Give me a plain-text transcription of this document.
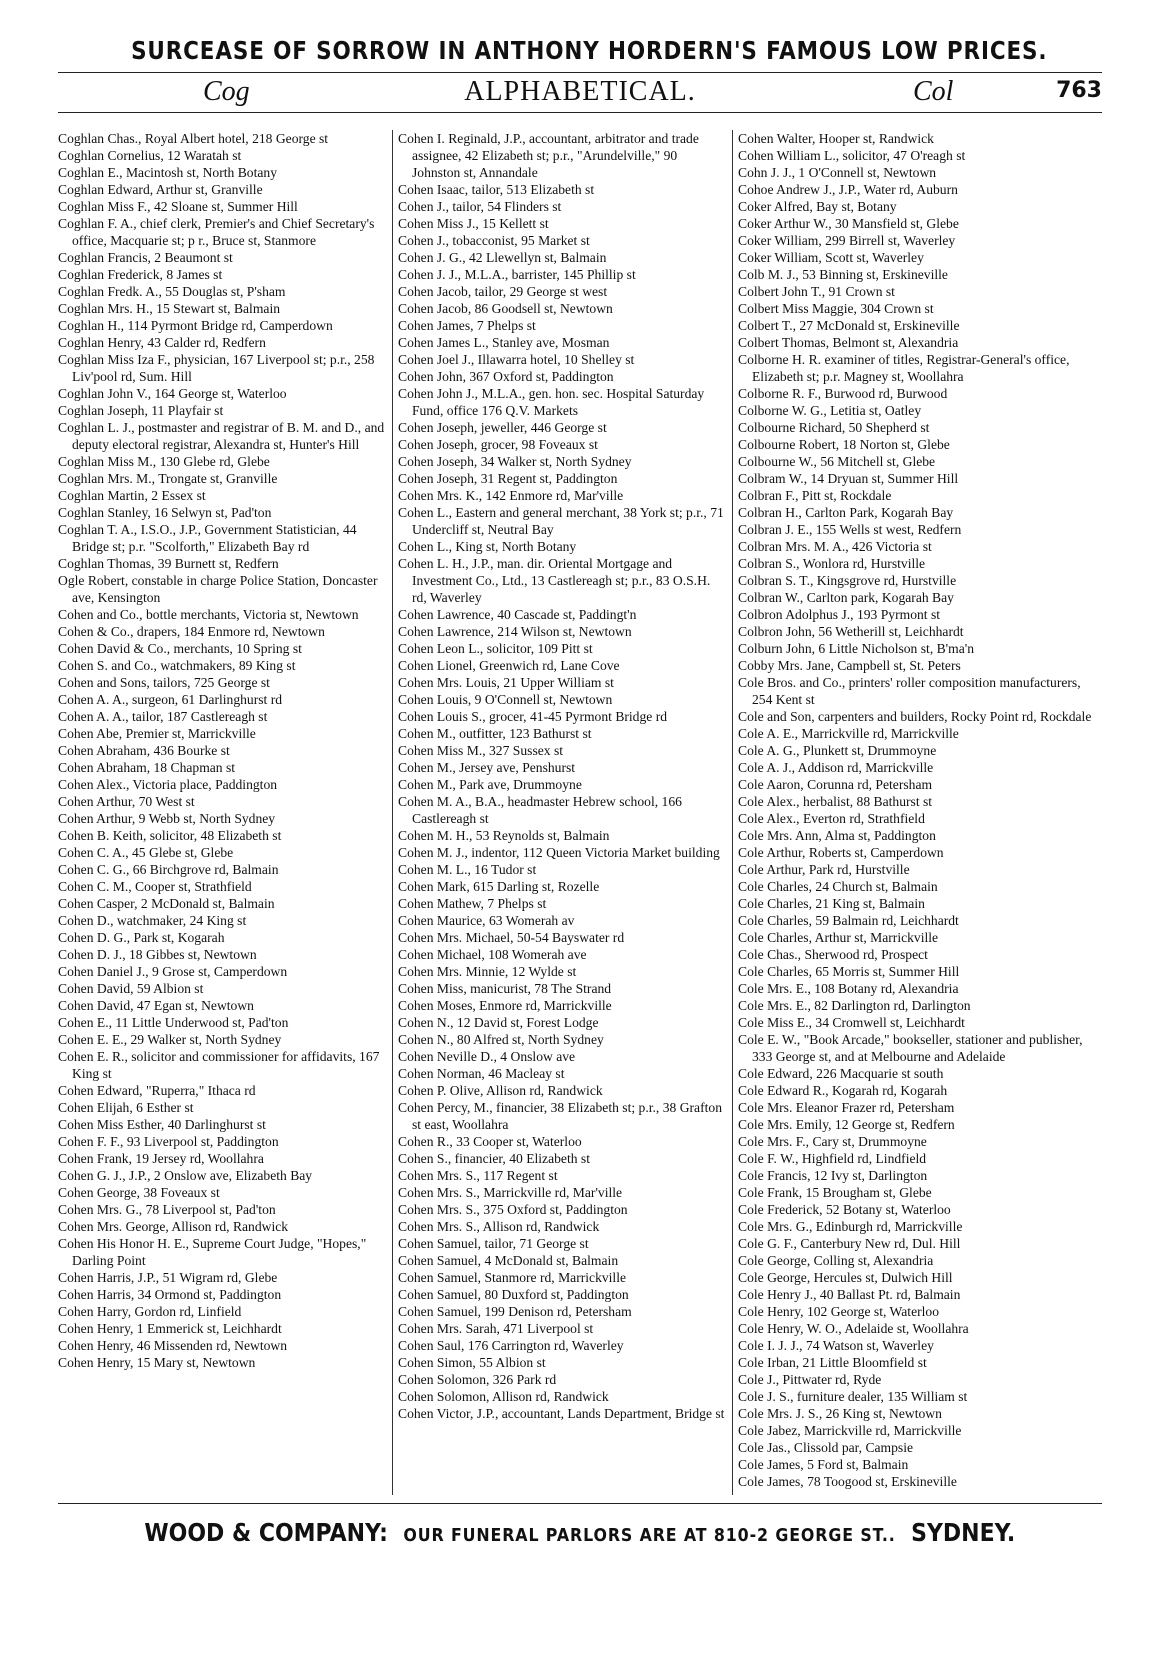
SURCEASE OF SORROW IN ANTHONY HORDERN'S FAMOUS LOW PRICES.
Cog	ALPHABETICAL.	Col	763

Coghlan Chas., Royal Albert hotel, 218 George st

Coghlan Cornelius, 12 Waratah st

Coghlan E., Macintosh st, North Botany

Coghlan Edward, Arthur st, Granville

Coghlan Miss F., 42 Sloane st, Summer Hill

Coghlan F. A., chief clerk, Premier's and Chief Secretary's office, Macquarie st; p r., Bruce st, Stanmore

Coghlan Francis, 2 Beaumont st

Coghlan Frederick, 8 James st

Coghlan Fredk. A., 55 Douglas st, P'sham

Coghlan Mrs. H., 15 Stewart st, Balmain

Coghlan H., 114 Pyrmont Bridge rd, Camperdown

Coghlan Henry, 43 Calder rd, Redfern

Coghlan Miss Iza F., physician, 167 Liverpool st; p.r., 258 Liv'pool rd, Sum. Hill

Coghlan John V., 164 George st, Waterloo

Coghlan Joseph, 11 Playfair st

Coghlan L. J., postmaster and registrar of B. M. and D., and deputy electoral registrar, Alexandra st, Hunter's Hill

Coghlan Miss M., 130 Glebe rd, Glebe

Coghlan Mrs. M., Trongate st, Granville

Coghlan Martin, 2 Essex st

Coghlan Stanley, 16 Selwyn st, Pad'ton

Coghlan T. A., I.S.O., J.P., Government Statistician, 44 Bridge st; p.r. "Scolforth," Elizabeth Bay rd

Coghlan Thomas, 39 Burnett st, Redfern

Ogle Robert, constable in charge Police Station, Doncaster ave, Kensington

Cohen and Co., bottle merchants, Victoria st, Newtown

Cohen & Co., drapers, 184 Enmore rd, Newtown

Cohen David & Co., merchants, 10 Spring st

Cohen S. and Co., watchmakers, 89 King st

Cohen and Sons, tailors, 725 George st

Cohen A. A., surgeon, 61 Darlinghurst rd

Cohen A. A., tailor, 187 Castlereagh st

Cohen Abe, Premier st, Marrickville

Cohen Abraham, 436 Bourke st

Cohen Abraham, 18 Chapman st

Cohen Alex., Victoria place, Paddington

Cohen Arthur, 70 West st

Cohen Arthur, 9 Webb st, North Sydney

Cohen B. Keith, solicitor, 48 Elizabeth st

Cohen C. A., 45 Glebe st, Glebe

Cohen C. G., 66 Birchgrove rd, Balmain

Cohen C. M., Cooper st, Strathfield

Cohen Casper, 2 McDonald st, Balmain

Cohen D., watchmaker, 24 King st

Cohen D. G., Park st, Kogarah

Cohen D. J., 18 Gibbes st, Newtown

Cohen Daniel J., 9 Grose st, Camperdown

Cohen David, 59 Albion st

Cohen David, 47 Egan st, Newtown

Cohen E., 11 Little Underwood st, Pad'ton

Cohen E. E., 29 Walker st, North Sydney

Cohen E. R., solicitor and commissioner for affidavits, 167 King st

Cohen Edward, "Ruperra," Ithaca rd

Cohen Elijah, 6 Esther st

Cohen Miss Esther, 40 Darlinghurst st

Cohen F. F., 93 Liverpool st, Paddington

Cohen Frank, 19 Jersey rd, Woollahra

Cohen G. J., J.P., 2 Onslow ave, Elizabeth Bay

Cohen George, 38 Foveaux st

Cohen Mrs. G., 78 Liverpool st, Pad'ton

Cohen Mrs. George, Allison rd, Randwick

Cohen His Honor H. E., Supreme Court Judge, "Hopes," Darling Point

Cohen Harris, J.P., 51 Wigram rd, Glebe

Cohen Harris, 34 Ormond st, Paddington

Cohen Harry, Gordon rd, Linfield

Cohen Henry, 1 Emmerick st, Leichhardt

Cohen Henry, 46 Missenden rd, Newtown

Cohen Henry, 15 Mary st, Newtown

Cohen I. Reginald, J.P., accountant, arbitrator and trade assignee, 42 Elizabeth st; p.r., "Arundelville," 90 Johnston st, Annandale

Cohen Isaac, tailor, 513 Elizabeth st

Cohen J., tailor, 54 Flinders st

Cohen Miss J., 15 Kellett st

Cohen J., tobacconist, 95 Market st

Cohen J. G., 42 Llewellyn st, Balmain

Cohen J. J., M.L.A., barrister, 145 Phillip st

Cohen Jacob, tailor, 29 George st west

Cohen Jacob, 86 Goodsell st, Newtown

Cohen James, 7 Phelps st

Cohen James L., Stanley ave, Mosman

Cohen Joel J., Illawarra hotel, 10 Shelley st

Cohen John, 367 Oxford st, Paddington

Cohen John J., M.L.A., gen. hon. sec. Hospital Saturday Fund, office 176 Q.V. Markets

Cohen Joseph, jeweller, 446 George st

Cohen Joseph, grocer, 98 Foveaux st

Cohen Joseph, 34 Walker st, North Sydney

Cohen Joseph, 31 Regent st, Paddington

Cohen Mrs. K., 142 Enmore rd, Mar'ville

Cohen L., Eastern and general merchant, 38 York st; p.r., 71 Undercliff st, Neutral Bay

Cohen L., King st, North Botany

Cohen L. H., J.P., man. dir. Oriental Mortgage and Investment Co., Ltd., 13 Castlereagh st; p.r., 83 O.S.H. rd, Waverley

Cohen Lawrence, 40 Cascade st, Paddingt'n

Cohen Lawrence, 214 Wilson st, Newtown

Cohen Leon L., solicitor, 109 Pitt st

Cohen Lionel, Greenwich rd, Lane Cove

Cohen Mrs. Louis, 21 Upper William st

Cohen Louis, 9 O'Connell st, Newtown

Cohen Louis S., grocer, 41-45 Pyrmont Bridge rd

Cohen M., outfitter, 123 Bathurst st

Cohen Miss M., 327 Sussex st

Cohen M., Jersey ave, Penshurst

Cohen M., Park ave, Drummoyne

Cohen M. A., B.A., headmaster Hebrew school, 166 Castlereagh st

Cohen M. H., 53 Reynolds st, Balmain

Cohen M. J., indentor, 112 Queen Victoria Market building

Cohen M. L., 16 Tudor st

Cohen Mark, 615 Darling st, Rozelle

Cohen Mathew, 7 Phelps st

Cohen Maurice, 63 Womerah av

Cohen Mrs. Michael, 50-54 Bayswater rd

Cohen Michael, 108 Womerah ave

Cohen Mrs. Minnie, 12 Wylde st

Cohen Miss, manicurist, 78 The Strand

Cohen Moses, Enmore rd, Marrickville

Cohen N., 12 David st, Forest Lodge

Cohen N., 80 Alfred st, North Sydney

Cohen Neville D., 4 Onslow ave

Cohen Norman, 46 Macleay st

Cohen P. Olive, Allison rd, Randwick

Cohen Percy, M., financier, 38 Elizabeth st; p.r., 38 Grafton st east, Woollahra

Cohen R., 33 Cooper st, Waterloo

Cohen S., financier, 40 Elizabeth st

Cohen Mrs. S., 117 Regent st

Cohen Mrs. S., Marrickville rd, Mar'ville

Cohen Mrs. S., 375 Oxford st, Paddington

Cohen Mrs. S., Allison rd, Randwick

Cohen Samuel, tailor, 71 George st

Cohen Samuel, 4 McDonald st, Balmain

Cohen Samuel, Stanmore rd, Marrickville

Cohen Samuel, 80 Duxford st, Paddington

Cohen Samuel, 199 Denison rd, Petersham

Cohen Mrs. Sarah, 471 Liverpool st

Cohen Saul, 176 Carrington rd, Waverley

Cohen Simon, 55 Albion st

Cohen Solomon, 326 Park rd

Cohen Solomon, Allison rd, Randwick

Cohen Victor, J.P., accountant, Lands Department, Bridge st

Cohen Walter, Hooper st, Randwick

Cohen William L., solicitor, 47 O'reagh st

Cohn J. J., 1 O'Connell st, Newtown

Cohoe Andrew J., J.P., Water rd, Auburn

Coker Alfred, Bay st, Botany

Coker Arthur W., 30 Mansfield st, Glebe

Coker William, 299 Birrell st, Waverley

Coker William, Scott st, Waverley

Colb M. J., 53 Binning st, Erskineville

Colbert John T., 91 Crown st

Colbert Miss Maggie, 304 Crown st

Colbert T., 27 McDonald st, Erskineville

Colbert Thomas, Belmont st, Alexandria

Colborne H. R. examiner of titles, Registrar-General's office, Elizabeth st; p.r. Magney st, Woollahra

Colborne R. F., Burwood rd, Burwood

Colborne W. G., Letitia st, Oatley

Colbourne Richard, 50 Shepherd st

Colbourne Robert, 18 Norton st, Glebe

Colbourne W., 56 Mitchell st, Glebe

Colbram W., 14 Dryuan st, Summer Hill

Colbran F., Pitt st, Rockdale

Colbran H., Carlton Park, Kogarah Bay

Colbran J. E., 155 Wells st west, Redfern

Colbran Mrs. M. A., 426 Victoria st

Colbran S., Wonlora rd, Hurstville

Colbran S. T., Kingsgrove rd, Hurstville

Colbran W., Carlton park, Kogarah Bay

Colbron Adolphus J., 193 Pyrmont st

Colbron John, 56 Wetherill st, Leichhardt

Colburn John, 6 Little Nicholson st, B'ma'n

Cobby Mrs. Jane, Campbell st, St. Peters

Cole Bros. and Co., printers' roller composition manufacturers, 254 Kent st

Cole and Son, carpenters and builders, Rocky Point rd, Rockdale

Cole A. E., Marrickville rd, Marrickville

Cole A. G., Plunkett st, Drummoyne

Cole A. J., Addison rd, Marrickville

Cole Aaron, Corunna rd, Petersham

Cole Alex., herbalist, 88 Bathurst st

Cole Alex., Everton rd, Strathfield

Cole Mrs. Ann, Alma st, Paddington

Cole Arthur, Roberts st, Camperdown

Cole Arthur, Park rd, Hurstville

Cole Charles, 24 Church st, Balmain

Cole Charles, 21 King st, Balmain

Cole Charles, 59 Balmain rd, Leichhardt

Cole Charles, Arthur st, Marrickville

Cole Chas., Sherwood rd, Prospect

Cole Charles, 65 Morris st, Summer Hill

Cole Mrs. E., 108 Botany rd, Alexandria

Cole Mrs. E., 82 Darlington rd, Darlington

Cole Miss E., 34 Cromwell st, Leichhardt

Cole E. W., "Book Arcade," bookseller, stationer and publisher, 333 George st, and at Melbourne and Adelaide

Cole Edward, 226 Macquarie st south

Cole Edward R., Kogarah rd, Kogarah

Cole Mrs. Eleanor Frazer rd, Petersham

Cole Mrs. Emily, 12 George st, Redfern

Cole Mrs. F., Cary st, Drummoyne

Cole F. W., Highfield rd, Lindfield

Cole Francis, 12 Ivy st, Darlington

Cole Frank, 15 Brougham st, Glebe

Cole Frederick, 52 Botany st, Waterloo

Cole Mrs. G., Edinburgh rd, Marrickville

Cole G. F., Canterbury New rd, Dul. Hill

Cole George, Colling st, Alexandria

Cole George, Hercules st, Dulwich Hill

Cole Henry J., 40 Ballast Pt. rd, Balmain

Cole Henry, 102 George st, Waterloo

Cole Henry, W. O., Adelaide st, Woollahra

Cole I. J. J., 74 Watson st, Waverley

Cole Irban, 21 Little Bloomfield st

Cole J., Pittwater rd, Ryde

Cole J. S., furniture dealer, 135 William st

Cole Mrs. J. S., 26 King st, Newtown

Cole Jabez, Marrickville rd, Marrickville

Cole Jas., Clissold par, Campsie

Cole James, 5 Ford st, Balmain

Cole James, 78 Toogood st, Erskineville

WOOD & COMPANY: OUR FUNERAL PARLORS ARE AT 810-2 GEORGE ST.. SYDNEY.
